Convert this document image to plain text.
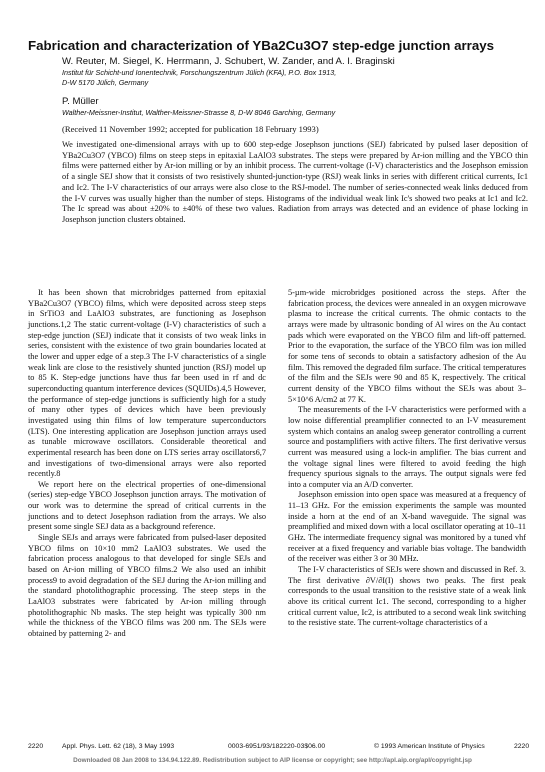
Fabrication and characterization of YBa2Cu3O7 step-edge junction arrays
W. Reuter, M. Siegel, K. Herrmann, J. Schubert, W. Zander, and A. I. Braginski
Institut für Schicht-und Ionentechnik, Forschungszentrum Jülich (KFA), P.O. Box 1913,
D-W 5170 Jülich, Germany
P. Müller
Walther-Meissner-Institut, Walther-Meissner-Strasse 8, D-W 8046 Garching, Germany
(Received 11 November 1992; accepted for publication 18 February 1993)
We investigated one-dimensional arrays with up to 600 step-edge Josephson junctions (SEJ) fabricated by pulsed laser deposition of YBa2Cu3O7 (YBCO) films on steep steps in epitaxial LaAlO3 substrates. The steps were prepared by Ar-ion milling and the YBCO thin films were patterned either by Ar-ion milling or by an inhibit process. The current-voltage (I-V) characteristics and the Josephson emission of a single SEJ show that it consists of two resistively shunted-junction-type (RSJ) weak links in series with different critical currents, Ic1 and Ic2. The I-V characteristics of our arrays were also close to the RSJ-model. The number of series-connected weak links deduced from the I-V curves was usually higher than the number of steps. Histograms of the individual weak link Ic's showed two peaks at Ic1 and Ic2. The Ic spread was about ±20% to ±40% of these two values. Radiation from arrays was detected and an evidence of phase locking in Josephson junction clusters obtained.

It has been shown that microbridges patterned from epitaxial YBa2Cu3O7 (YBCO) films, which were deposited across steep steps in SrTiO3 and LaAlO3 substrates, are functioning as Josephson junctions.1,2 The static current-voltage (I-V) characteristics of such a step-edge junction (SEJ) indicate that it consists of two weak links in series, consistent with the existence of two grain boundaries located at the lower and upper edge of a step.3 The I-V characteristics of a single weak link are close to the resistively shunted junction (RSJ) model up to 85 K. Step-edge junctions have thus far been used in rf and dc superconducting quantum interference devices (SQUIDs).4,5 However, the performance of step-edge junctions is sufficiently high for a study of many other types of devices which have been previously investigated using thin films of low temperature superconductors (LTS). One interesting application are Josephson junction arrays used as tunable microwave oscillators. Considerable theoretical and experimental research has been done on LTS series array oscillators6,7 and investigations of two-dimensional arrays were also reported recently.8

We report here on the electrical properties of one-dimensional (series) step-edge YBCO Josephson junction arrays. The motivation of our work was to determine the spread of critical currents in the junctions and to detect Josephson radiation from the arrays. We also present some single SEJ data as a background reference.

Single SEJs and arrays were fabricated from pulsed-laser deposited YBCO films on 10×10 mm2 LaAlO3 substrates. We used the fabrication process analogous to that developed for single SEJs and based on Ar-ion milling of YBCO films.2 We also used an inhibit process9 to avoid degradation of the SEJ during the Ar-ion milling and the standard photolithographic processing. The steep steps in the LaAlO3 substrates were fabricated by Ar-ion milling through photolithographic Nb masks. The step height was typically 300 nm while the thickness of the YBCO films was 200 nm. The SEJs were obtained by patterning 2- and

5-µm-wide microbridges positioned across the steps. After the fabrication process, the devices were annealed in an oxygen microwave plasma to increase the critical currents. The ohmic contacts to the arrays were made by ultrasonic bonding of Al wires on the Au contact pads which were evaporated on the YBCO film and lift-off patterned. Prior to the evaporation, the surface of the YBCO film was ion milled for some tens of seconds to obtain a satisfactory adhesion of the Au film. This removed the degraded film surface. The critical temperatures of the film and the SEJs were 90 and 85 K, respectively. The critical current density of the YBCO films without the SEJs was about 3–5×10^6 A/cm2 at 77 K.

The measurements of the I-V characteristics were performed with a low noise differential preamplifier connected to an I-V measurement system which contains an analog sweep generator controlling a current source and postamplifiers with active filters. The first derivative versus current was measured using a lock-in amplifier. The bias current and the voltage signal lines were filtered to avoid feeding the high frequency spurious signals to the arrays. The output signals were fed into a computer via an A/D converter.

Josephson emission into open space was measured at a frequency of 11–13 GHz. For the emission experiments the sample was mounted inside a horn at the end of an X-band waveguide. The signal was preamplified and mixed down with a local oscillator operating at 10–11 GHz. The intermediate frequency signal was monitored by a tuned vhf receiver at a fixed frequency and variable bias voltage. The bandwidth of the receiver was either 3 or 30 MHz.

The I-V characteristics of SEJs were shown and discussed in Ref. 3. The first derivative ∂V/∂I(I) shows two peaks. The first peak corresponds to the usual transition to the resistive state of a weak link above its critical current Ic1. The second, corresponding to a higher critical current value, Ic2, is attributed to a second weak link switching to the resistive state. The current-voltage characteristics of a

2220	Appl. Phys. Lett. 62 (18), 3 May 1993	0003-6951/93/182220-03$06.00	© 1993 American Institute of Physics	2220
Downloaded 08 Jan 2008 to 134.94.122.89. Redistribution subject to AIP license or copyright; see http://apl.aip.org/apl/copyright.jsp
